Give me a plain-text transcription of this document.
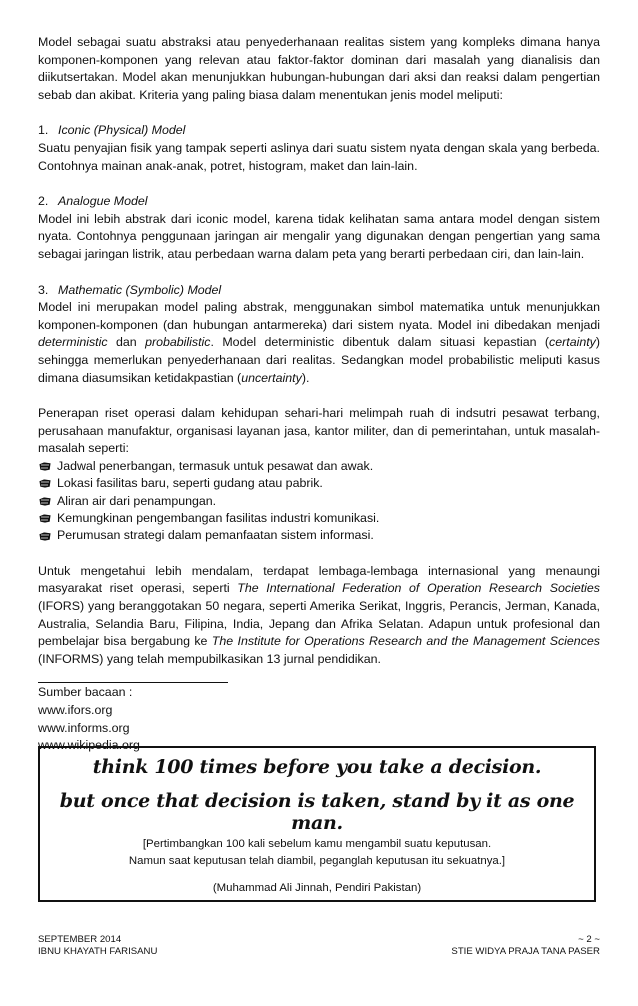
Model sebagai suatu abstraksi atau penyederhanaan realitas sistem yang kompleks dimana hanya komponen-komponen yang relevan atau faktor-faktor dominan dari masalah yang dianalisis dan diikutsertakan. Model akan menunjukkan hubungan-hubungan dari aksi dan reaksi dalam pengertian sebab dan akibat. Kriteria yang paling biasa dalam menentukan jenis model meliputi:

1. Iconic (Physical) Model

Suatu penyajian fisik yang tampak seperti aslinya dari suatu sistem nyata dengan skala yang berbeda. Contohnya mainan anak-anak, potret, histogram, maket dan lain-lain.

2. Analogue Model

Model ini lebih abstrak dari iconic model, karena tidak kelihatan sama antara model dengan sistem nyata. Contohnya penggunaan jaringan air mengalir yang digunakan dengan pengertian yang sama sebagai jaringan listrik, atau perbedaan warna dalam peta yang berarti perbedaan ciri, dan lain-lain.

3. Mathematic (Symbolic) Model

Model ini merupakan model paling abstrak, menggunakan simbol matematika untuk menunjukkan komponen-komponen (dan hubungan antarmereka) dari sistem nyata. Model ini dibedakan menjadi deterministic dan probabilistic. Model deterministic dibentuk dalam situasi kepastian (certainty) sehingga memerlukan penyederhanaan dari realitas. Sedangkan model probabilistic meliputi kasus dimana diasumsikan ketidakpastian (uncertainty).

Penerapan riset operasi dalam kehidupan sehari-hari melimpah ruah di indsutri pesawat terbang, perusahaan manufaktur, organisasi layanan jasa, kantor militer, dan di pemerintahan, untuk masalah-masalah seperti:

Jadwal penerbangan, termasuk untuk pesawat dan awak.
Lokasi fasilitas baru, seperti gudang atau pabrik.
Aliran air dari penampungan.
Kemungkinan pengembangan fasilitas industri komunikasi.
Perumusan strategi dalam pemanfaatan sistem informasi.

Untuk mengetahui lebih mendalam, terdapat lembaga-lembaga internasional yang menaungi masyarakat riset operasi, seperti The International Federation of Operation Research Societies (IFORS) yang beranggotakan 50 negara, seperti Amerika Serikat, Inggris, Perancis, Jerman, Kanada, Australia, Selandia Baru, Filipina, India, Jepang dan Afrika Selatan. Adapun untuk profesional dan pembelajar bisa bergabung ke The Institute for Operations Research and the Management Sciences (INFORMS) yang telah mempubilkasikan 13 jurnal pendidikan.

Sumber bacaan :

www.ifors.org

www.informs.org

www.wikipedia.org

think 100 times before you take a decision.
but once that decision is taken, stand by it as one man.
[Pertimbangkan 100 kali sebelum kamu mengambil suatu keputusan.
Namun saat keputusan telah diambil, peganglah keputusan itu sekuatnya.]
(Muhammad Ali Jinnah, Pendiri Pakistan)
SEPTEMBER 2014
IBNU KHAYATH FARISANU
~ 2 ~
STIE WIDYA PRAJA TANA PASER
